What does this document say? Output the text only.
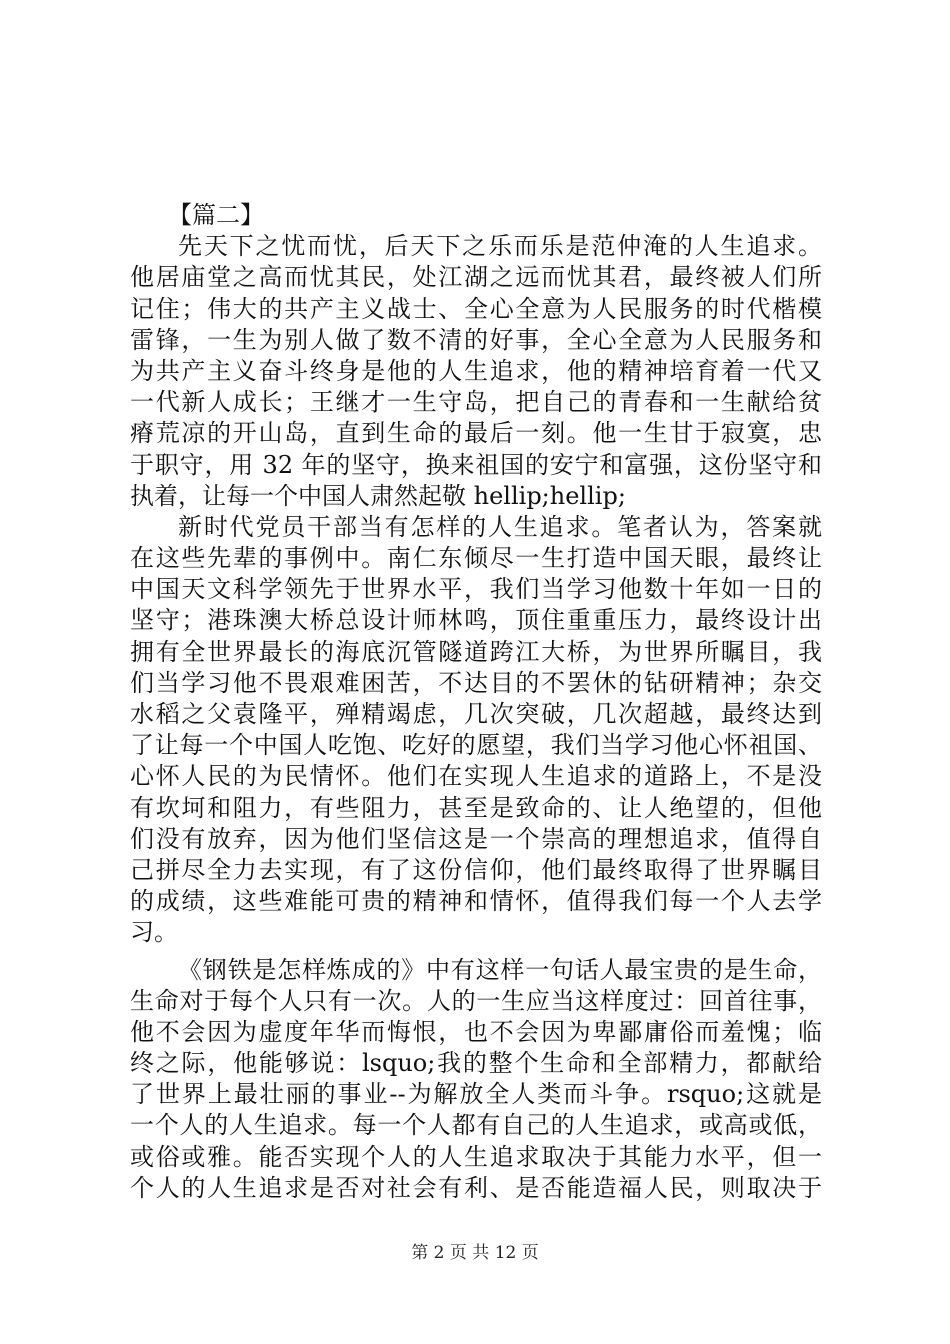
【篇二】
先天下之忧而忧，后天下之乐而乐是范仲淹的人生追求。
他居庙堂之高而忧其民，处江湖之远而忧其君，最终被人们所
记住；伟大的共产主义战士、全心全意为人民服务的时代楷模
雷锋，一生为别人做了数不清的好事，全心全意为人民服务和
为共产主义奋斗终身是他的人生追求，他的精神培育着一代又
一代新人成长；王继才一生守岛，把自己的青春和一生献给贫
瘠荒凉的开山岛，直到生命的最后一刻。他一生甘于寂寞，忠
于职守，用 32 年的坚守，换来祖国的安宁和富强，这份坚守和
执着，让每一个中国人肃然起敬 hellip;hellip;
新时代党员干部当有怎样的人生追求。笔者认为，答案就
在这些先辈的事例中。南仁东倾尽一生打造中国天眼，最终让
中国天文科学领先于世界水平，我们当学习他数十年如一日的
坚守；港珠澳大桥总设计师林鸣，顶住重重压力，最终设计出
拥有全世界最长的海底沉管隧道跨江大桥，为世界所瞩目，我
们当学习他不畏艰难困苦，不达目的不罢休的钻研精神；杂交
水稻之父袁隆平，殚精竭虑，几次突破，几次超越，最终达到
了让每一个中国人吃饱、吃好的愿望，我们当学习他心怀祖国、
心怀人民的为民情怀。他们在实现人生追求的道路上，不是没
有坎坷和阻力，有些阻力，甚至是致命的、让人绝望的，但他
们没有放弃，因为他们坚信这是一个崇高的理想追求，值得自
己拼尽全力去实现，有了这份信仰，他们最终取得了世界瞩目
的成绩，这些难能可贵的精神和情怀，值得我们每一个人去学
习。
《钢铁是怎样炼成的》中有这样一句话人最宝贵的是生命，
生命对于每个人只有一次。人的一生应当这样度过：回首往事，
他不会因为虚度年华而悔恨，也不会因为卑鄙庸俗而羞愧；临
终之际，他能够说：lsquo;我的整个生命和全部精力，都献给
了世界上最壮丽的事业--为解放全人类而斗争。rsquo;这就是
一个人的人生追求。每一个人都有自己的人生追求，或高或低，
或俗或雅。能否实现个人的人生追求取决于其能力水平，但一
个人的人生追求是否对社会有利、是否能造福人民，则取决于
第 2 页 共 12 页
